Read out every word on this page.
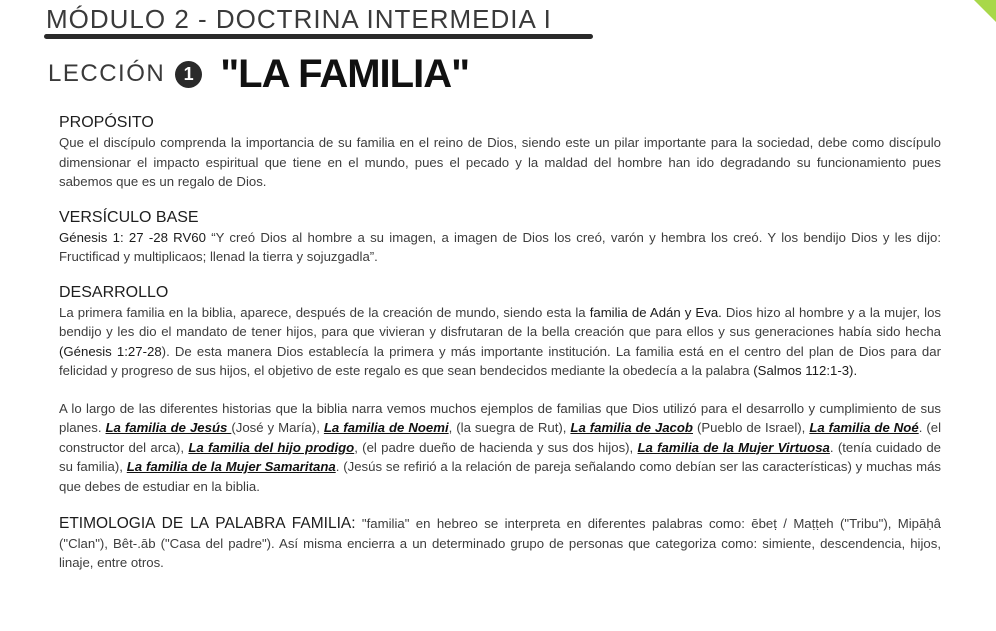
MÓDULO 2 - DOCTRINA INTERMEDIA I
LECCIÓN	1 "LA FAMILIA"
PROPÓSITO

Que el discípulo comprenda la importancia de su familia en el reino de Dios, siendo este un pilar importante para la sociedad, debe como discípulo dimensionar el impacto espiritual que tiene en el mundo, pues el pecado y la maldad del hombre han ido degradando su funcionamiento pues sabemos que es un regalo de Dios.

VERSÍCULO BASE

Génesis 1: 27 -28 RV60 “Y creó Dios al hombre a su imagen, a imagen de Dios los creó, varón y hembra los creó. Y los bendijo Dios y les dijo: Fructificad y multiplicaos; llenad la tierra y sojuzgadla”.

DESARROLLO

La primera familia en la biblia, aparece, después de la creación de mundo, siendo esta la familia de Adán y Eva. Dios hizo al hombre y a la mujer, los bendijo y les dio el mandato de tener hijos, para que vivieran y disfrutaran de la bella creación que para ellos y sus generaciones había sido hecha (Génesis 1:27-28). De esta manera Dios establecía la primera y más importante institución. La familia está en el centro del plan de Dios para dar felicidad y progreso de sus hijos, el objetivo de este regalo es que sean bendecidos mediante la obedecía a la palabra (Salmos 112:1-3).

A lo largo de las diferentes historias que la biblia narra vemos muchos ejemplos de familias que Dios utilizó para el desarrollo y cumplimiento de sus planes. La familia de Jesús (José y María), La familia de Noemi, (la suegra de Rut), La familia de Jacob (Pueblo de Israel), La familia de Noé. (el constructor del arca), La familia del hijo prodigo, (el padre dueño de hacienda y sus dos hijos), La familia de la Mujer Virtuosa. (tenía cuidado de su familia), La familia de la Mujer Samaritana. (Jesús se refirió a la relación de pareja señalando como debían ser las características) y muchas más que debes de estudiar en la biblia.

ETIMOLOGIA DE LA PALABRA FAMILIA: "familia" en hebreo se interpreta en diferentes palabras como: ēbeṭ / Maṭṭeh ("Tribu"), Mipāḥâ ("Clan"), Bêt-.āb ("Casa del padre"). Así misma encierra a un determinado grupo de personas que categoriza como: simiente, descendencia, hijos, linaje, entre otros.
